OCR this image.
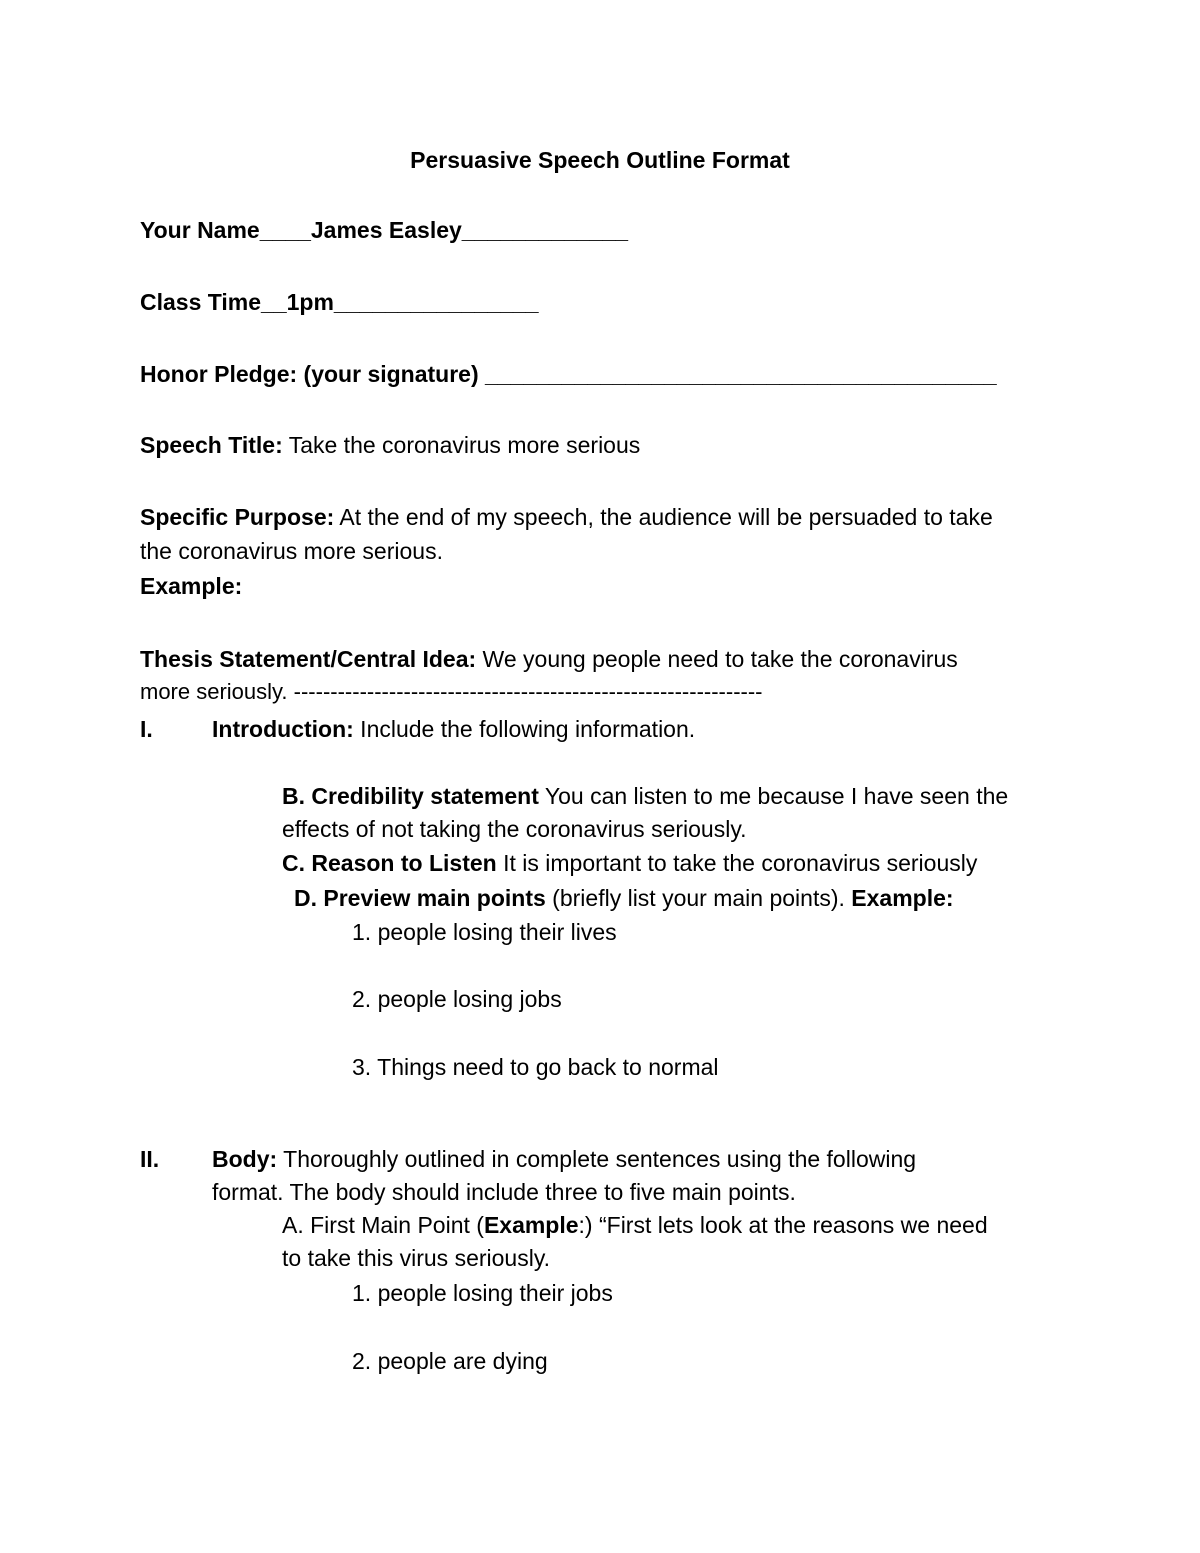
Persuasive Speech Outline Format
Your Name____James Easley_____________
Class Time__1pm________________
Honor Pledge: (your signature) ________________________________________
Speech Title: Take the coronavirus more serious
Specific Purpose: At the end of my speech, the audience will be persuaded to take
the coronavirus more serious.
Example:
Thesis Statement/Central Idea: We young people need to take the coronavirus
more seriously. ----------------------------------------------------------------
I.	Introduction: Include the following information.
B. Credibility statement You can listen to me because I have seen the
effects of not taking the coronavirus seriously.
C. Reason to Listen It is important to take the coronavirus seriously
D. Preview main points (briefly list your main points). Example:
1. people losing their lives
2. people losing jobs
3. Things need to go back to normal
II. Body: Thoroughly outlined in complete sentences using the following
format. The body should include three to five main points.
A. First Main Point (Example:) “First lets look at the reasons we need
to take this virus seriously.
1. people losing their jobs
2. people are dying
